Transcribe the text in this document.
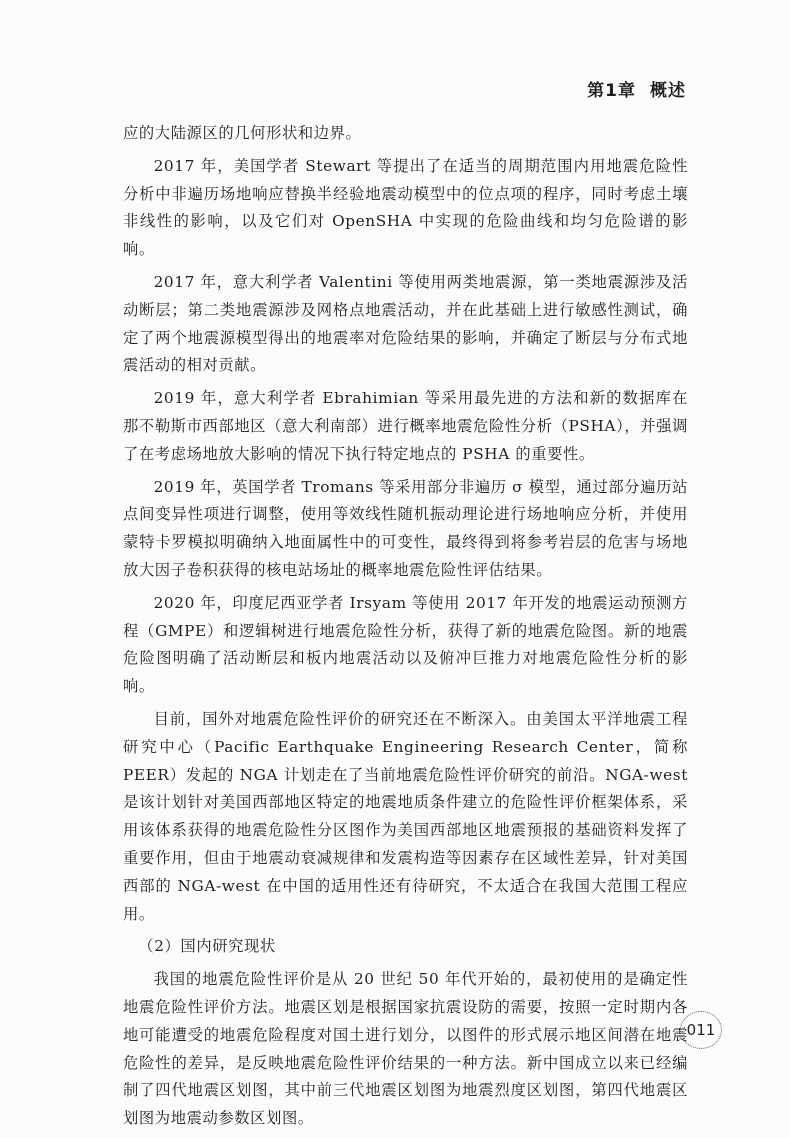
第1章 概述

应的大陆源区的几何形状和边界。

2017 年，美国学者 Stewart 等提出了在适当的周期范围内用地震危险性分析中非遍历场地响应替换半经验地震动模型中的位点项的程序，同时考虑土壤非线性的影响，以及它们对 OpenSHA 中实现的危险曲线和均匀危险谱的影响。

2017 年，意大利学者 Valentini 等使用两类地震源，第一类地震源涉及活动断层；第二类地震源涉及网格点地震活动，并在此基础上进行敏感性测试，确定了两个地震源模型得出的地震率对危险结果的影响，并确定了断层与分布式地震活动的相对贡献。

2019 年，意大利学者 Ebrahimian 等采用最先进的方法和新的数据库在那不勒斯市西部地区（意大利南部）进行概率地震危险性分析（PSHA），并强调了在考虑场地放大影响的情况下执行特定地点的 PSHA 的重要性。

2019 年，英国学者 Tromans 等采用部分非遍历 σ 模型，通过部分遍历站点间变异性项进行调整，使用等效线性随机振动理论进行场地响应分析，并使用蒙特卡罗模拟明确纳入地面属性中的可变性，最终得到将参考岩层的危害与场地放大因子卷积获得的核电站场址的概率地震危险性评估结果。

2020 年，印度尼西亚学者 Irsyam 等使用 2017 年开发的地震运动预测方程（GMPE）和逻辑树进行地震危险性分析，获得了新的地震危险图。新的地震危险图明确了活动断层和板内地震活动以及俯冲巨推力对地震危险性分析的影响。

目前，国外对地震危险性评价的研究还在不断深入。由美国太平洋地震工程研究中心（Pacific Earthquake Engineering Research Center，简称 PEER）发起的 NGA 计划走在了当前地震危险性评价研究的前沿。NGA-west 是该计划针对美国西部地区特定的地震地质条件建立的危险性评价框架体系，采用该体系获得的地震危险性分区图作为美国西部地区地震预报的基础资料发挥了重要作用，但由于地震动衰减规律和发震构造等因素存在区域性差异，针对美国西部的 NGA-west 在中国的适用性还有待研究，不太适合在我国大范围工程应用。

（2）国内研究现状

我国的地震危险性评价是从 20 世纪 50 年代开始的，最初使用的是确定性地震危险性评价方法。地震区划是根据国家抗震设防的需要，按照一定时期内各地可能遭受的地震危险程度对国土进行划分，以图件的形式展示地区间潜在地震危险性的差异，是反映地震危险性评价结果的一种方法。新中国成立以来已经编制了四代地震区划图，其中前三代地震区划图为地震烈度区划图，第四代地震区划图为地震动参数区划图。

011
